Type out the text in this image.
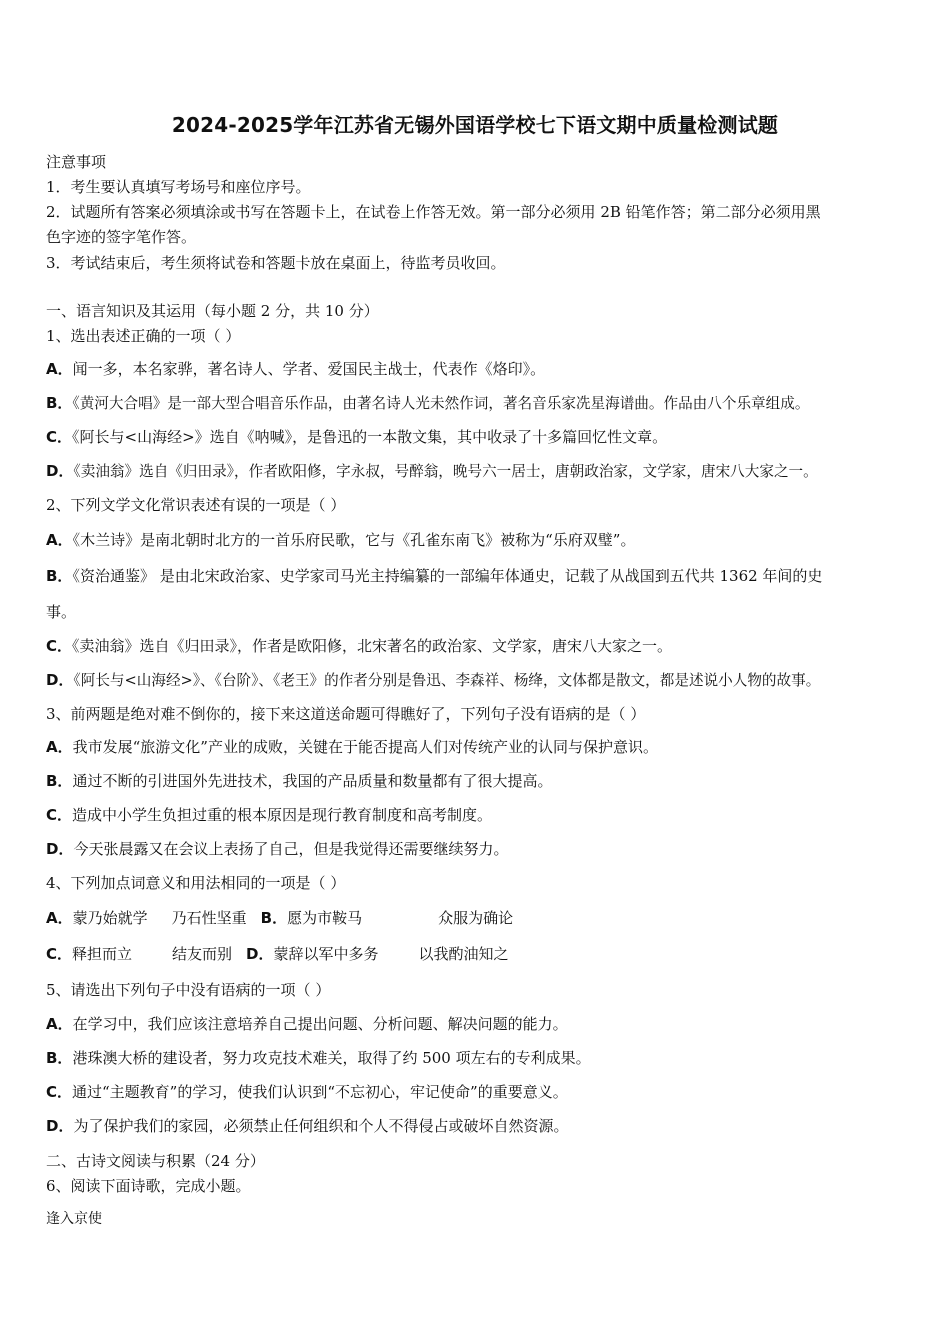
2024-2025学年江苏省无锡外国语学校七下语文期中质量检测试题
注意事项
1．考生要认真填写考场号和座位序号。
2．试题所有答案必须填涂或书写在答题卡上，在试卷上作答无效。第一部分必须用 2B 铅笔作答；第二部分必须用黑
色字迹的签字笔作答。
3．考试结束后，考生须将试卷和答题卡放在桌面上，待监考员收回。
一、语言知识及其运用（每小题 2 分，共 10 分）
1、选出表述正确的一项（ ）
A．闻一多，本名家骅，著名诗人、学者、爱国民主战士，代表作《烙印》。
B．《黄河大合唱》是一部大型合唱音乐作品，由著名诗人光未然作词，著名音乐家冼星海谱曲。作品由八个乐章组成。
C．《阿长与<山海经>》选自《呐喊》，是鲁迅的一本散文集，其中收录了十多篇回忆性文章。
D．《卖油翁》选自《归田录》，作者欧阳修，字永叔，号醉翁，晚号六一居士，唐朝政治家，文学家，唐宋八大家之一。
2、下列文学文化常识表述有误的一项是（ ）
A．《木兰诗》是南北朝时北方的一首乐府民歌，它与《孔雀东南飞》被称为“乐府双璧”。
B．《资治通鉴》 是由北宋政治家、史学家司马光主持编纂的一部编年体通史，记载了从战国到五代共 1362 年间的史
事。
C．《卖油翁》选自《归田录》，作者是欧阳修，北宋著名的政治家、文学家，唐宋八大家之一。
D．《阿长与<山海经>》、《台阶》、《老王》的作者分别是鲁迅、李森祥、杨绛，文体都是散文，都是述说小人物的故事。
3、前两题是绝对难不倒你的，接下来这道送命题可得瞧好了，下列句子没有语病的是（ ）
A．我市发展“旅游文化”产业的成败，关键在于能否提高人们对传统产业的认同与保护意识。
B．通过不断的引进国外先进技术，我国的产品质量和数量都有了很大提高。
C．造成中小学生负担过重的根本原因是现行教育制度和高考制度。
D．今天张晨露又在会议上表扬了自己，但是我觉得还需要继续努力。
4、下列加点词意义和用法相同的一项是（ ）
A．蒙乃始就学 乃石性坚重 B．愿为市鞍马	众服为确论
C．释担而立	结友而别 D．蒙辞以军中多务	以我酌油知之
5、请选出下列句子中没有语病的一项（ ）
A．在学习中，我们应该注意培养自己提出问题、分析问题、解决问题的能力。
B．港珠澳大桥的建设者，努力攻克技术难关，取得了约 500 项左右的专利成果。
C．通过“主题教育”的学习，使我们认识到“不忘初心，牢记使命”的重要意义。
D．为了保护我们的家园，必须禁止任何组织和个人不得侵占或破坏自然资源。
二、古诗文阅读与积累（24 分）
6、阅读下面诗歌，完成小题。
逢入京使
